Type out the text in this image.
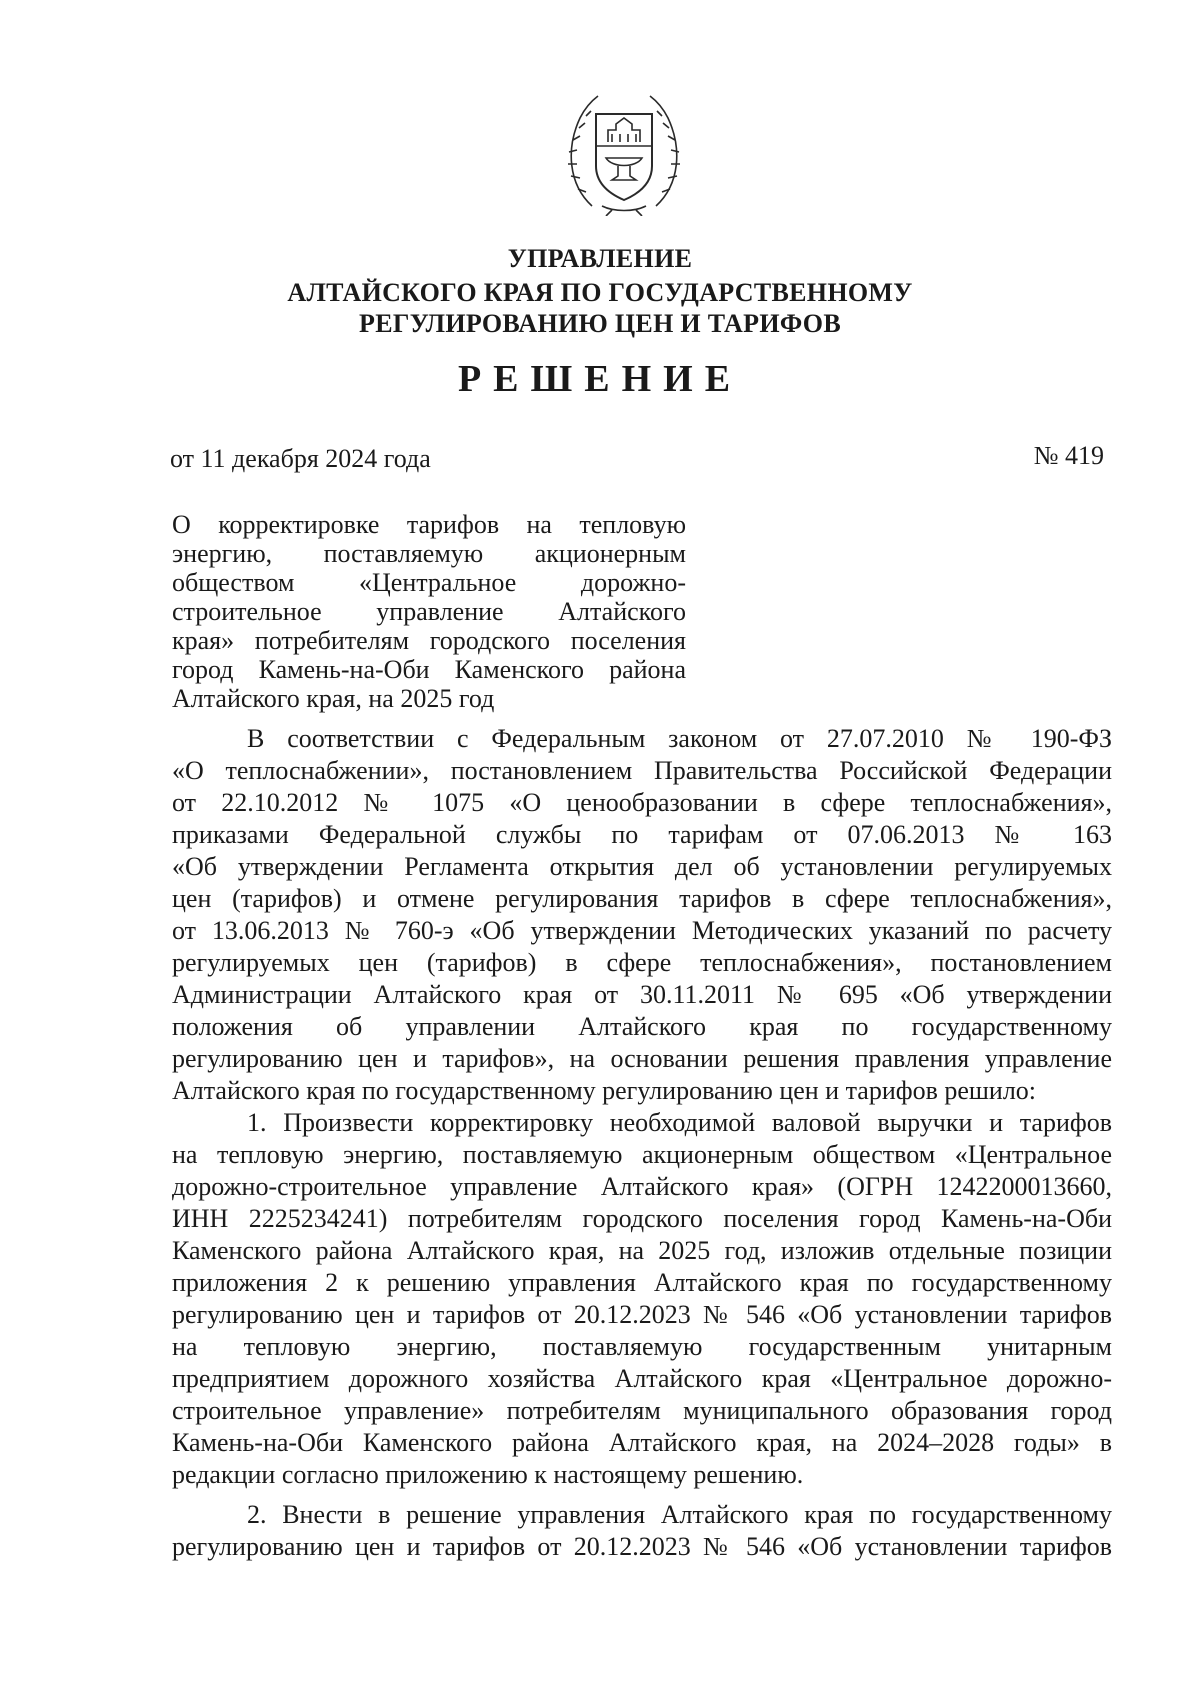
УПРАВЛЕНИЕ
АЛТАЙСКОГО КРАЯ ПО ГОСУДАРСТВЕННОМУ
РЕГУЛИРОВАНИЮ ЦЕН И ТАРИФОВ
РЕШЕНИЕ
от 11 декабря 2024 года	№ 419
О корректировке тарифов на тепловую
энергию, поставляемую акционерным
обществом «Центральное дорожно-
строительное управление Алтайского
края» потребителям городского поселения
город Камень-на-Оби Каменского района
Алтайского края, на 2025 год
В соответствии с Федеральным законом от 27.07.2010 № 190-ФЗ
«О теплоснабжении», постановлением Правительства Российской Федерации
от 22.10.2012 № 1075 «О ценообразовании в сфере теплоснабжения»,
приказами Федеральной службы по тарифам от 07.06.2013 № 163
«Об утверждении Регламента открытия дел об установлении регулируемых
цен (тарифов) и отмене регулирования тарифов в сфере теплоснабжения»,
от 13.06.2013 № 760-э «Об утверждении Методических указаний по расчету
регулируемых цен (тарифов) в сфере теплоснабжения», постановлением
Администрации Алтайского края от 30.11.2011 № 695 «Об утверждении
положения об управлении Алтайского края по государственному
регулированию цен и тарифов», на основании решения правления управление
Алтайского края по государственному регулированию цен и тарифов решило:
1. Произвести корректировку необходимой валовой выручки и тарифов
на тепловую энергию, поставляемую акционерным обществом «Центральное
дорожно-строительное управление Алтайского края» (ОГРН 1242200013660,
ИНН 2225234241) потребителям городского поселения город Камень-на-Оби
Каменского района Алтайского края, на 2025 год, изложив отдельные позиции
приложения 2 к решению управления Алтайского края по государственному
регулированию цен и тарифов от 20.12.2023 № 546 «Об установлении тарифов
на тепловую энергию, поставляемую государственным унитарным
предприятием дорожного хозяйства Алтайского края «Центральное дорожно-
строительное управление» потребителям муниципального образования город
Камень-на-Оби Каменского района Алтайского края, на 2024–2028 годы» в
редакции согласно приложению к настоящему решению.
2. Внести в решение управления Алтайского края по государственному
регулированию цен и тарифов от 20.12.2023 № 546 «Об установлении тарифов
